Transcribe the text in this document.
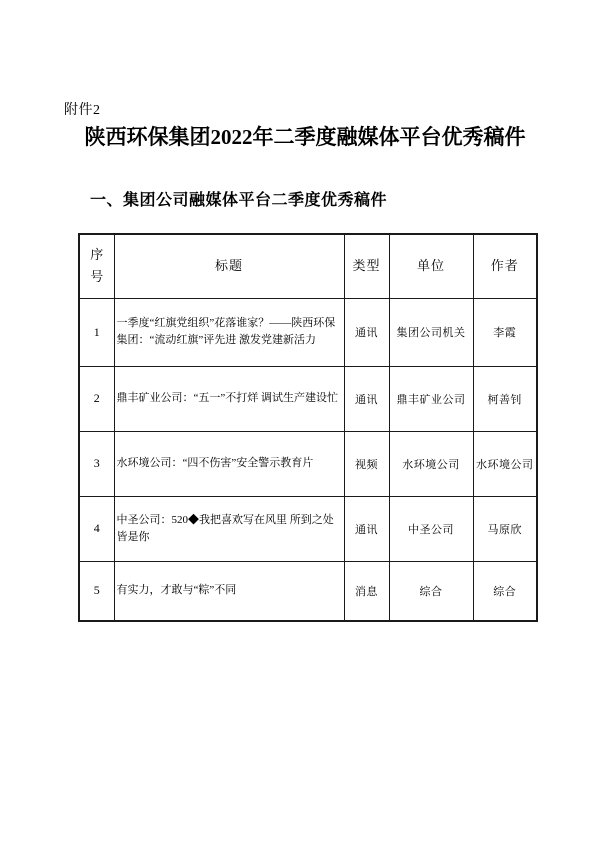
附件2
陕西环保集团2022年二季度融媒体平台优秀稿件
一、集团公司融媒体平台二季度优秀稿件
序号	标题	类型	单位	作者
1	一季度“红旗党组织”花落谁家？——陕西环保集团：“流动红旗”评先进 激发党建新活力	通讯	集团公司机关	李霞
2	鼎丰矿业公司：“五一”不打烊 调试生产建设忙	通讯	鼎丰矿业公司	柯善钊
3	水环境公司：“四不伤害”安全警示教育片	视频	水环境公司	水环境公司
4	中圣公司：520◆我把喜欢写在风里 所到之处皆是你	通讯	中圣公司	马原欣
5	有实力，才敢与“粽”不同	消息	综合	综合
